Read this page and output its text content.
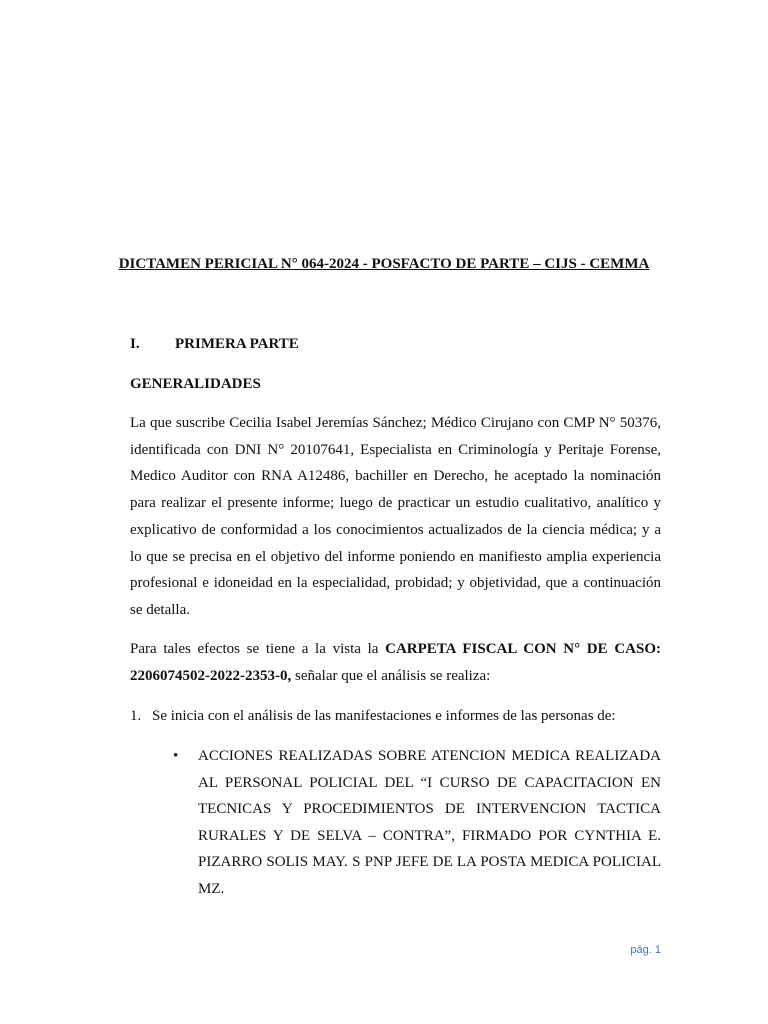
DICTAMEN PERICIAL N° 064-2024 - POSFACTO DE PARTE – CIJS - CEMMA
I. PRIMERA PARTE
GENERALIDADES
La que suscribe Cecilia Isabel Jeremías Sánchez; Médico Cirujano con CMP N° 50376, identificada con DNI N° 20107641, Especialista en Criminología y Peritaje Forense, Medico Auditor con RNA A12486, bachiller en Derecho, he aceptado la nominación para realizar el presente informe; luego de practicar un estudio cualitativo, analítico y explicativo de conformidad a los conocimientos actualizados de la ciencia médica; y a lo que se precisa en el objetivo del informe poniendo en manifiesto amplia experiencia profesional e idoneidad en la especialidad, probidad; y objetividad, que a continuación se detalla.
Para tales efectos se tiene a la vista la CARPETA FISCAL CON N° DE CASO: 2206074502-2022-2353-0, señalar que el análisis se realiza:
1. Se inicia con el análisis de las manifestaciones e informes de las personas de:
•	ACCIONES REALIZADAS SOBRE ATENCION MEDICA REALIZADA AL PERSONAL POLICIAL DEL “I CURSO DE CAPACITACION EN TECNICAS Y PROCEDIMIENTOS DE INTERVENCION TACTICA RURALES Y DE SELVA – CONTRA”, FIRMADO POR CYNTHIA E. PIZARRO SOLIS MAY. S PNP JEFE DE LA POSTA MEDICA POLICIAL MZ.
pág. 1
